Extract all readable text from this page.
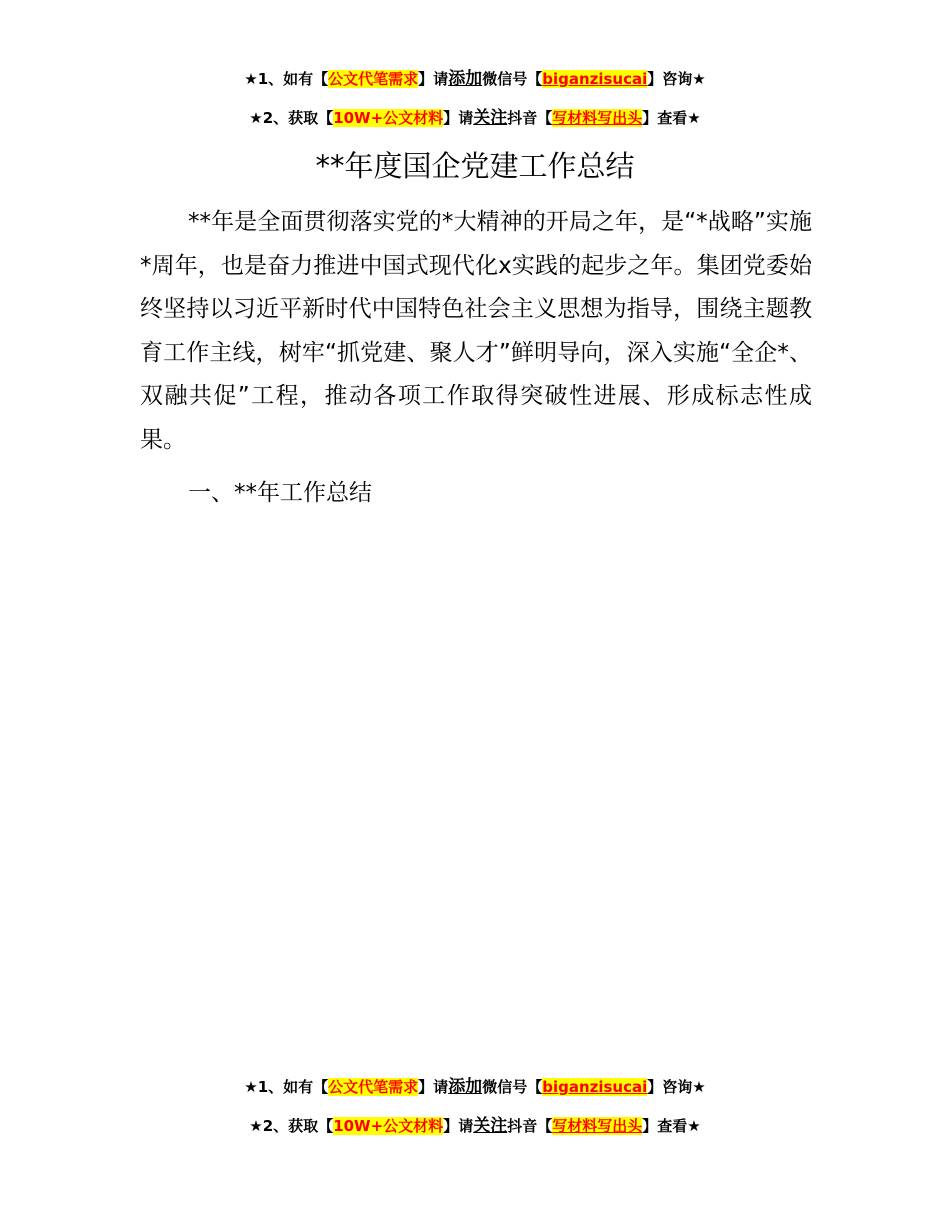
★1、如有【公文代笔需求】请添加微信号【biganzisucai】咨询★
★2、获取【10W+公文材料】请关注抖音【写材料写出头】查看★
**年度国企党建工作总结

**年是全面贯彻落实党的*大精神的开局之年，是“*战略”实施*周年，也是奋力推进中国式现代化x实践的起步之年。集团党委始终坚持以习近平新时代中国特色社会主义思想为指导，围绕主题教育工作主线，树牢“抓党建、聚人才”鲜明导向，深入实施“全企*、双融共促”工程，推动各项工作取得突破性进展、形成标志性成果。

一、**年工作总结

★1、如有【公文代笔需求】请添加微信号【biganzisucai】咨询★
★2、获取【10W+公文材料】请关注抖音【写材料写出头】查看★
